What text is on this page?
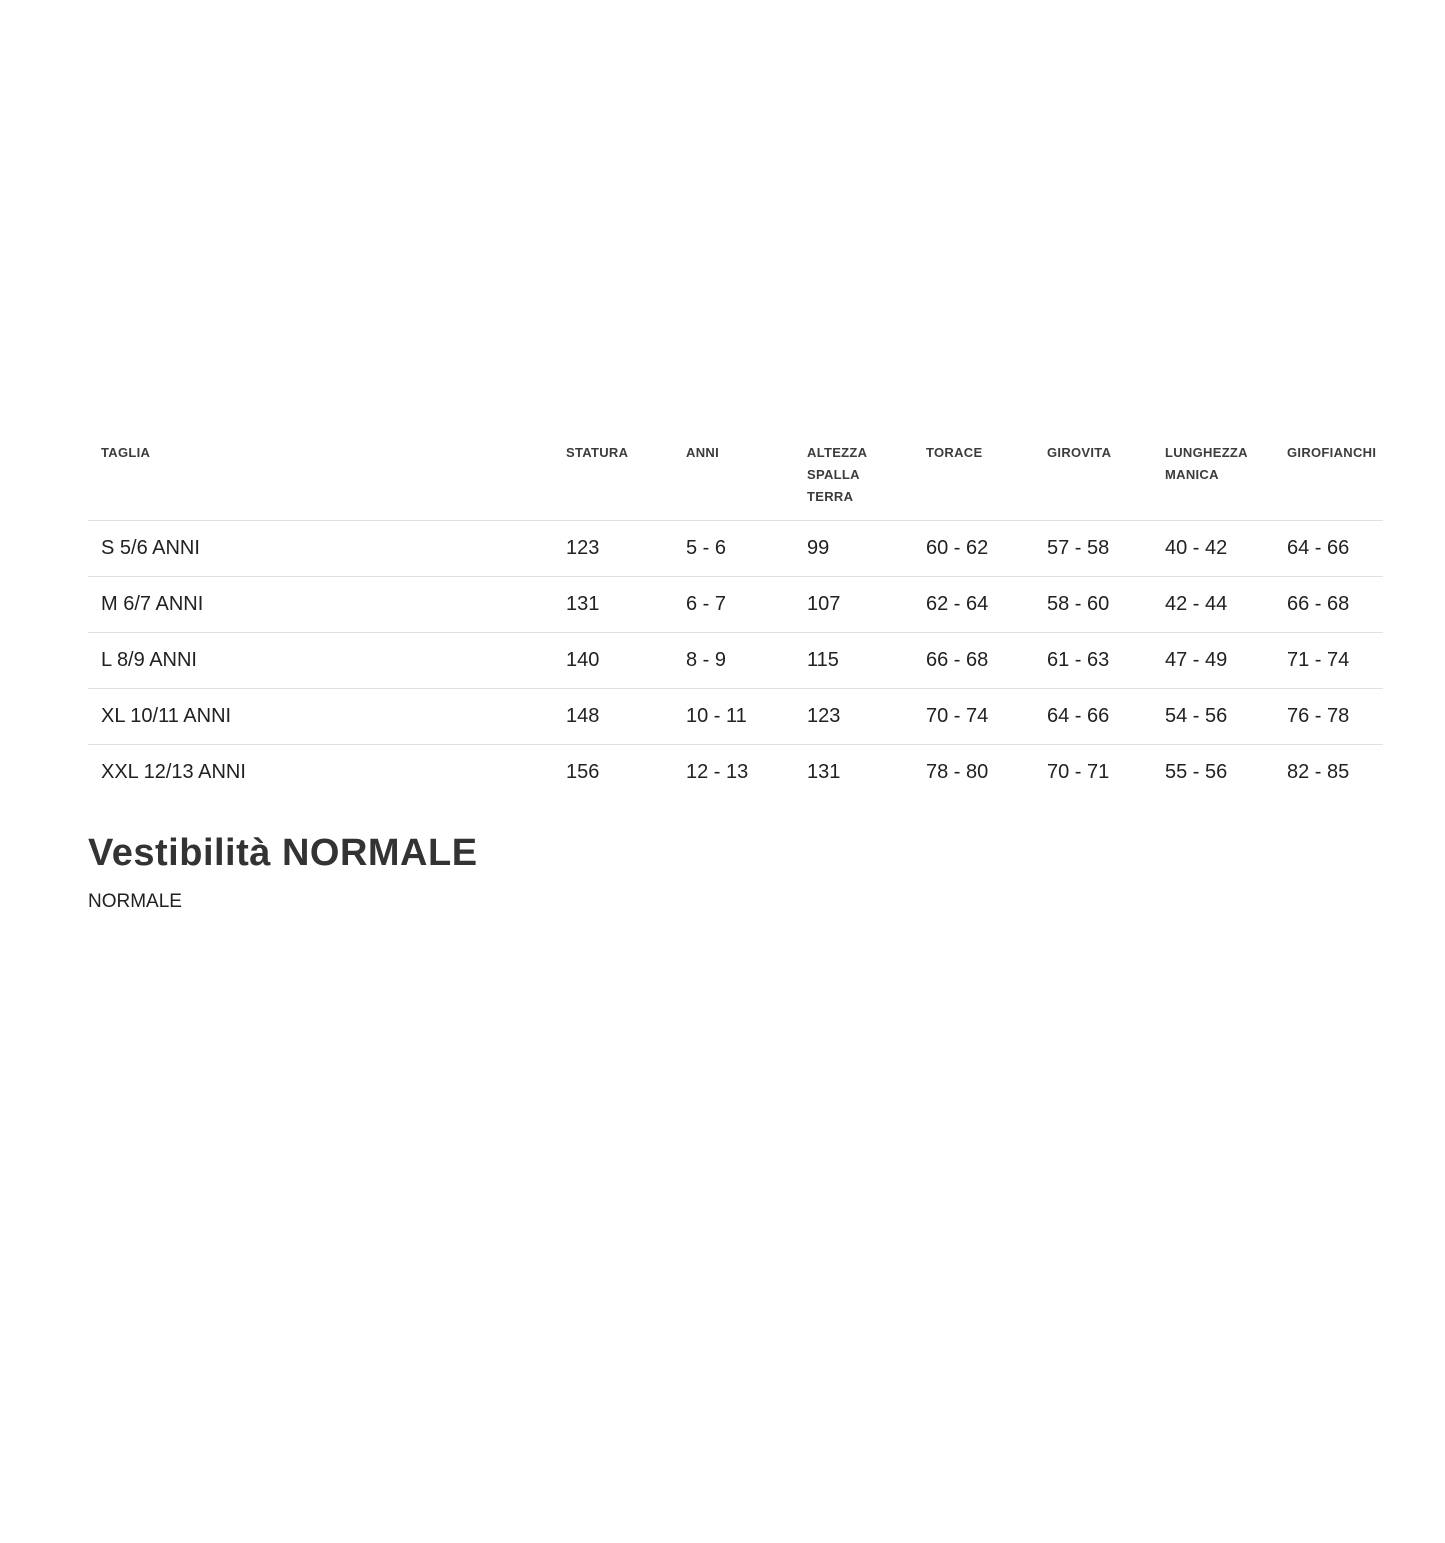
TAGLIA	STATURA	ANNI	ALTEZZA SPALLA TERRA	TORACE	GIROVITA	LUNGHEZZA MANICA	GIROFIANCHI
S 5/6 ANNI	123	5 - 6	99	60 - 62	57 - 58	40 - 42	64 - 66
M 6/7 ANNI	131	6 - 7	107	62 - 64	58 - 60	42 - 44	66 - 68
L 8/9 ANNI	140	8 - 9	115	66 - 68	61 - 63	47 - 49	71 - 74
XL 10/11 ANNI	148	10 - 11	123	70 - 74	64 - 66	54 - 56	76 - 78
XXL 12/13 ANNI	156	12 - 13	131	78 - 80	70 - 71	55 - 56	82 - 85
Vestibilità NORMALE

NORMALE
